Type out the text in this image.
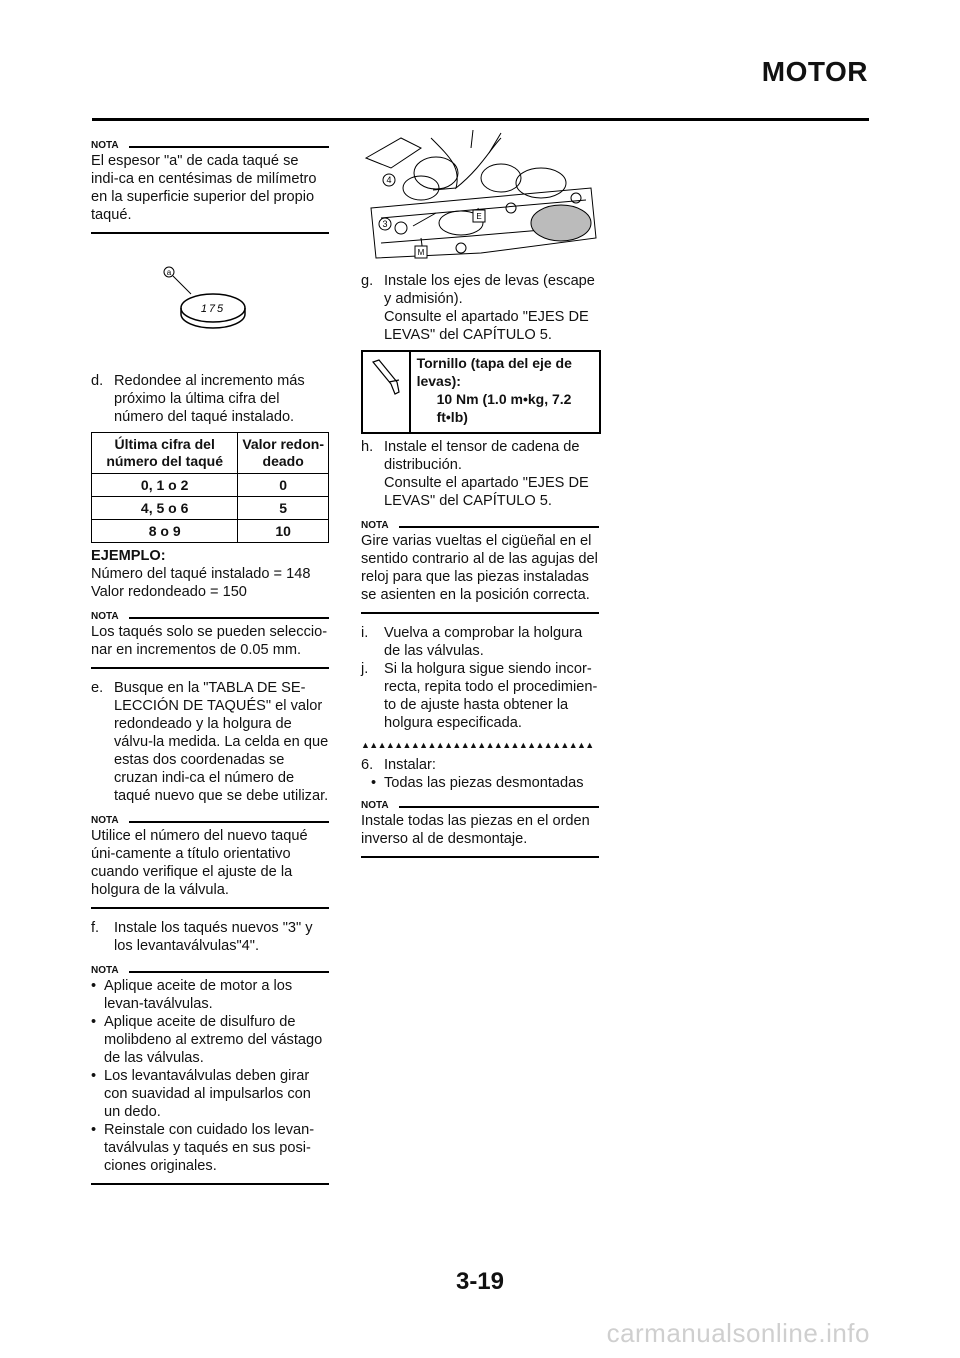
MOTOR
NOTA

El espesor "a" de cada taqué se indi-ca en centésimas de milímetro en la superficie superior del propio taqué.

a
175

d. Redondee al incremento más próximo la última cifra del número del taqué instalado.

Última cifra del número del taqué	Valor redon-deado
0, 1 o 2	0
4, 5 o 6	5
8 o 9	10
EJEMPLO:
Número del taqué instalado = 148
Valor redondeado = 150
NOTA

Los taqués solo se pueden seleccio-nar en incrementos de 0.05 mm.

e. Busque en la "TABLA DE SE-LECCIÓN DE TAQUÉS" el valor redondeado y la holgura de válvu-la medida. La celda en que estas dos coordenadas se cruzan indi-ca el número de taqué nuevo que se debe utilizar.

NOTA

Utilice el número del nuevo taqué úni-camente a título orientativo cuando verifique el ajuste de la holgura de la válvula.

f. Instale los taqués nuevos "3" y los levantaválvulas"4".

NOTA

• Aplique aceite de motor a los levan-taválvulas.

• Aplique aceite de disulfuro de molibdeno al extremo del vástago de las válvulas.

• Los levantaválvulas deben girar con suavidad al impulsarlos con un dedo.

• Reinstale con cuidado los levan-taválvulas y taqués en sus posi-ciones originales.

4
3
E
M

g. Instale los ejes de levas (escape y admisión).

Consulte el apartado "EJES DE LEVAS" del CAPÍTULO 5.

Tornillo (tapa del eje de levas):
10 Nm (1.0 m•kg, 7.2 ft•lb)

h. Instale el tensor de cadena de distribución.

Consulte el apartado "EJES DE LEVAS" del CAPÍTULO 5.

NOTA

Gire varias vueltas el cigüeñal en el sentido contrario al de las agujas del reloj para que las piezas instaladas se asienten en la posición correcta.

i. Vuelva a comprobar la holgura de las válvulas.

j. Si la holgura sigue siendo incor-recta, repita todo el procedimien-to de ajuste hasta obtener la holgura especificada.

▲▲▲▲▲▲▲▲▲▲▲▲▲▲▲▲▲▲▲▲▲▲▲▲▲▲▲▲

6. Instalar:

• Todas las piezas desmontadas

NOTA

Instale todas las piezas en el orden inverso al de desmontaje.

3-19
carmanualsonline.info
